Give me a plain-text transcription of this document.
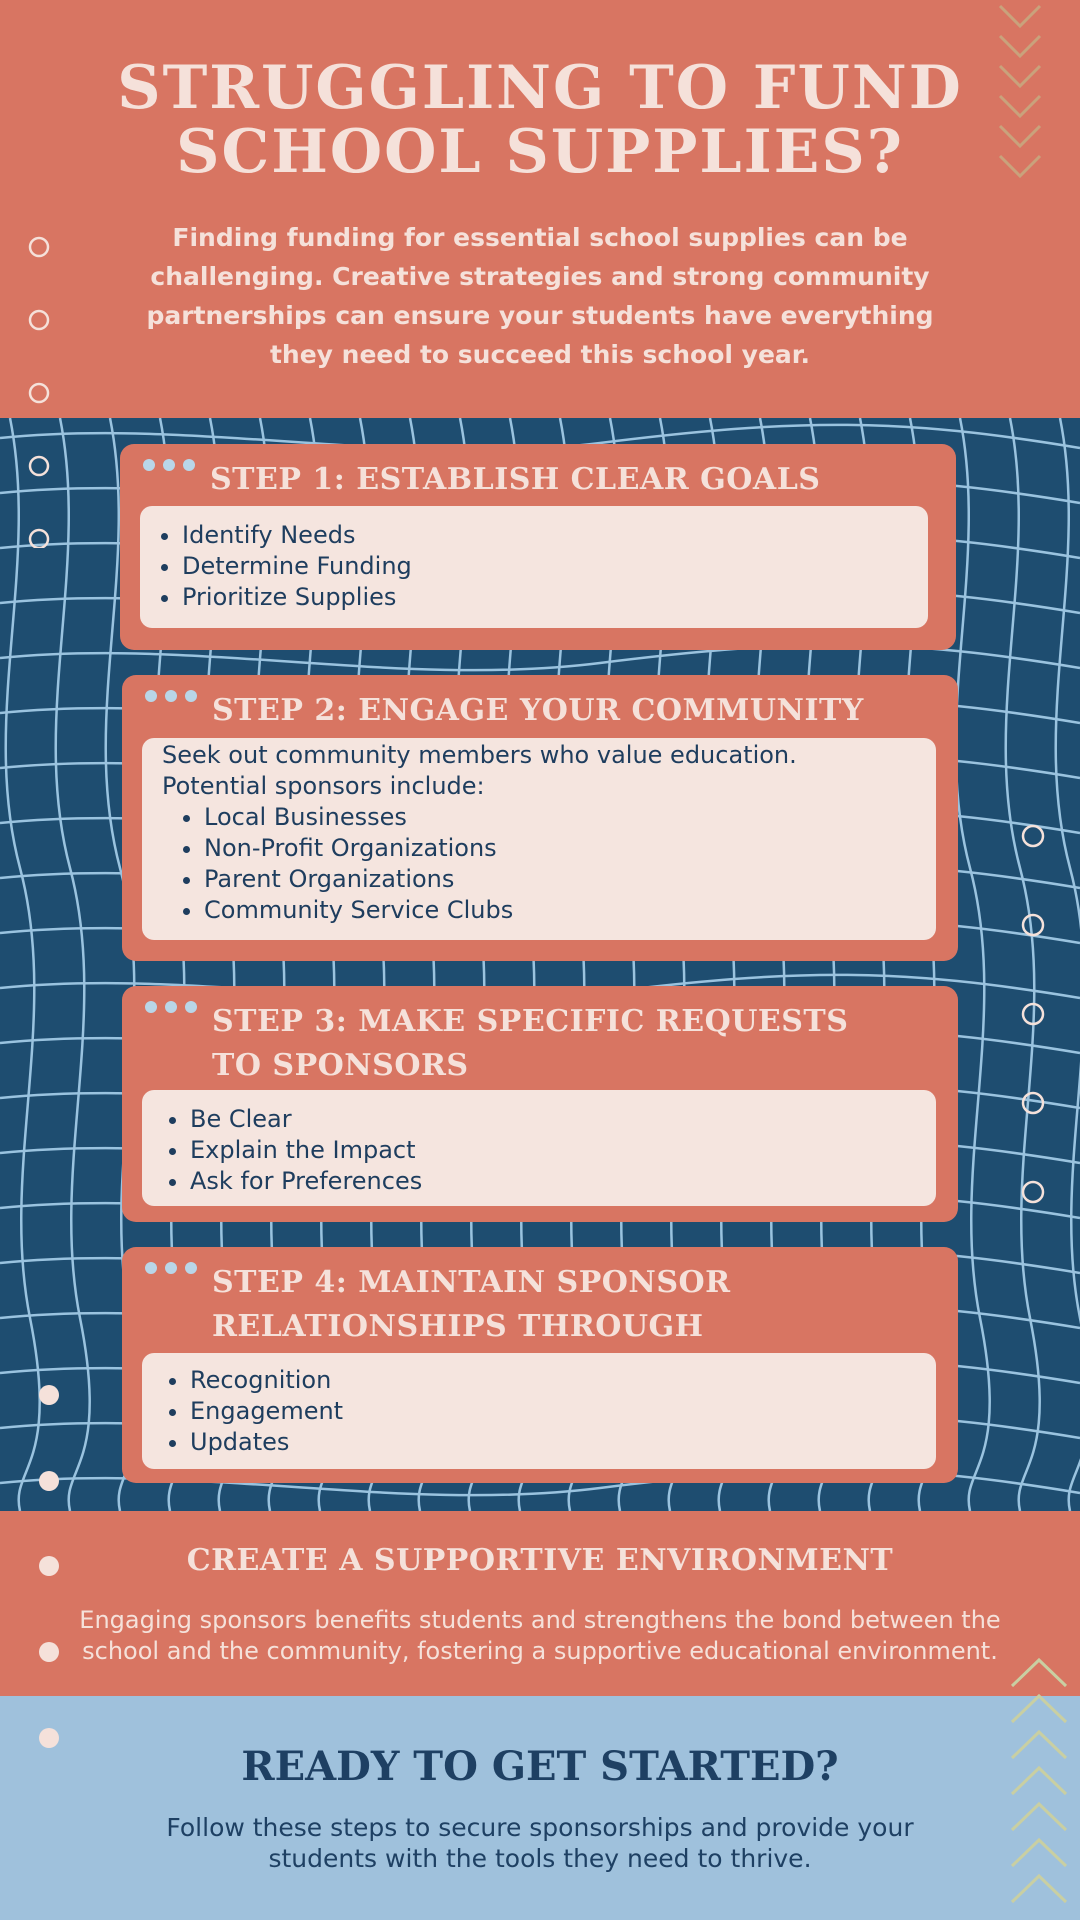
STRUGGLING TO FUND
SCHOOL SUPPLIES?

Finding funding for essential school supplies can be challenging. Creative strategies and strong community partnerships can ensure your students have everything they need to succeed this school year.

STEP 1: ESTABLISH CLEAR GOALS
• Identify Needs
• Determine Funding
• Prioritize Supplies
STEP 2: ENGAGE YOUR COMMUNITY

Seek out community members who value education.

Potential sponsors include:

• Local Businesses
• Non-Profit Organizations
• Parent Organizations
• Community Service Clubs
STEP 3: MAKE SPECIFIC REQUESTS
TO SPONSORS
• Be Clear
• Explain the Impact
• Ask for Preferences
STEP 4: MAINTAIN SPONSOR
RELATIONSHIPS THROUGH
• Recognition
• Engagement
• Updates
CREATE A SUPPORTIVE ENVIRONMENT

Engaging sponsors benefits students and strengthens the bond between the school and the community, fostering a supportive educational environment.

READY TO GET STARTED?

Follow these steps to secure sponsorships and provide your students with the tools they need to thrive.
